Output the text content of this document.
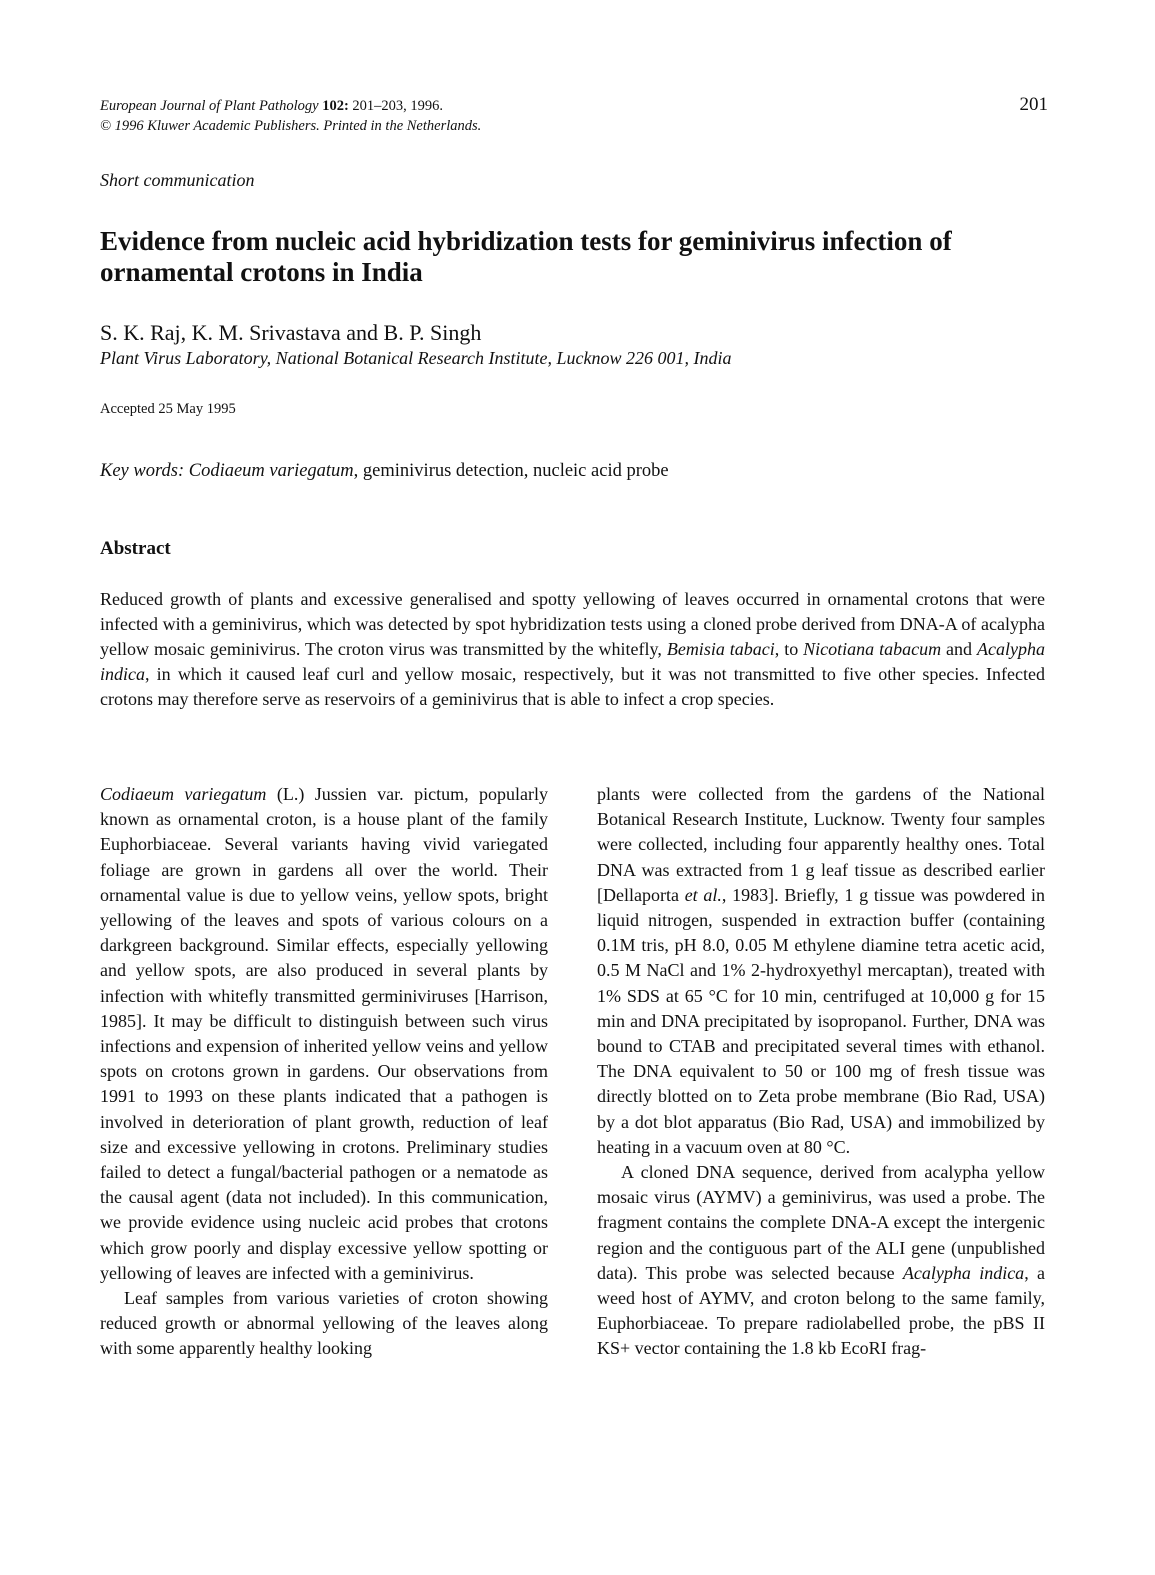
European Journal of Plant Pathology 102: 201–203, 1996.
© 1996 Kluwer Academic Publishers. Printed in the Netherlands.
201
Short communication
Evidence from nucleic acid hybridization tests for geminivirus infection of ornamental crotons in India
S. K. Raj, K. M. Srivastava and B. P. Singh
Plant Virus Laboratory, National Botanical Research Institute, Lucknow 226 001, India
Accepted 25 May 1995
Key words: Codiaeum variegatum, geminivirus detection, nucleic acid probe
Abstract
Reduced growth of plants and excessive generalised and spotty yellowing of leaves occurred in ornamental crotons that were infected with a geminivirus, which was detected by spot hybridization tests using a cloned probe derived from DNA-A of acalypha yellow mosaic geminivirus. The croton virus was transmitted by the whitefly, Bemisia tabaci, to Nicotiana tabacum and Acalypha indica, in which it caused leaf curl and yellow mosaic, respectively, but it was not transmitted to five other species. Infected crotons may therefore serve as reservoirs of a geminivirus that is able to infect a crop species.

Codiaeum variegatum (L.) Jussien var. pictum, popularly known as ornamental croton, is a house plant of the family Euphorbiaceae. Several variants having vivid variegated foliage are grown in gardens all over the world. Their ornamental value is due to yellow veins, yellow spots, bright yellowing of the leaves and spots of various colours on a darkgreen background. Similar effects, especially yellowing and yellow spots, are also produced in several plants by infection with whitefly transmitted germiniviruses [Harrison, 1985]. It may be difficult to distinguish between such virus infections and expension of inherited yellow veins and yellow spots on crotons grown in gardens. Our observations from 1991 to 1993 on these plants indicated that a pathogen is involved in deterioration of plant growth, reduction of leaf size and excessive yellowing in crotons. Preliminary studies failed to detect a fungal/bacterial pathogen or a nematode as the causal agent (data not included). In this communication, we provide evidence using nucleic acid probes that crotons which grow poorly and display excessive yellow spotting or yellowing of leaves are infected with a geminivirus.

Leaf samples from various varieties of croton showing reduced growth or abnormal yellowing of the leaves along with some apparently healthy looking

plants were collected from the gardens of the National Botanical Research Institute, Lucknow. Twenty four samples were collected, including four apparently healthy ones. Total DNA was extracted from 1 g leaf tissue as described earlier [Dellaporta et al., 1983]. Briefly, 1 g tissue was powdered in liquid nitrogen, suspended in extraction buffer (containing 0.1M tris, pH 8.0, 0.05 M ethylene diamine tetra acetic acid, 0.5 M NaCl and 1% 2-hydroxyethyl mercaptan), treated with 1% SDS at 65 °C for 10 min, centrifuged at 10,000 g for 15 min and DNA precipitated by isopropanol. Further, DNA was bound to CTAB and precipitated several times with ethanol. The DNA equivalent to 50 or 100 mg of fresh tissue was directly blotted on to Zeta probe membrane (Bio Rad, USA) by a dot blot apparatus (Bio Rad, USA) and immobilized by heating in a vacuum oven at 80 °C.

A cloned DNA sequence, derived from acalypha yellow mosaic virus (AYMV) a geminivirus, was used a probe. The fragment contains the complete DNA-A except the intergenic region and the contiguous part of the ALI gene (unpublished data). This probe was selected because Acalypha indica, a weed host of AYMV, and croton belong to the same family, Euphorbiaceae. To prepare radiolabelled probe, the pBS II KS+ vector containing the 1.8 kb EcoRI frag-
